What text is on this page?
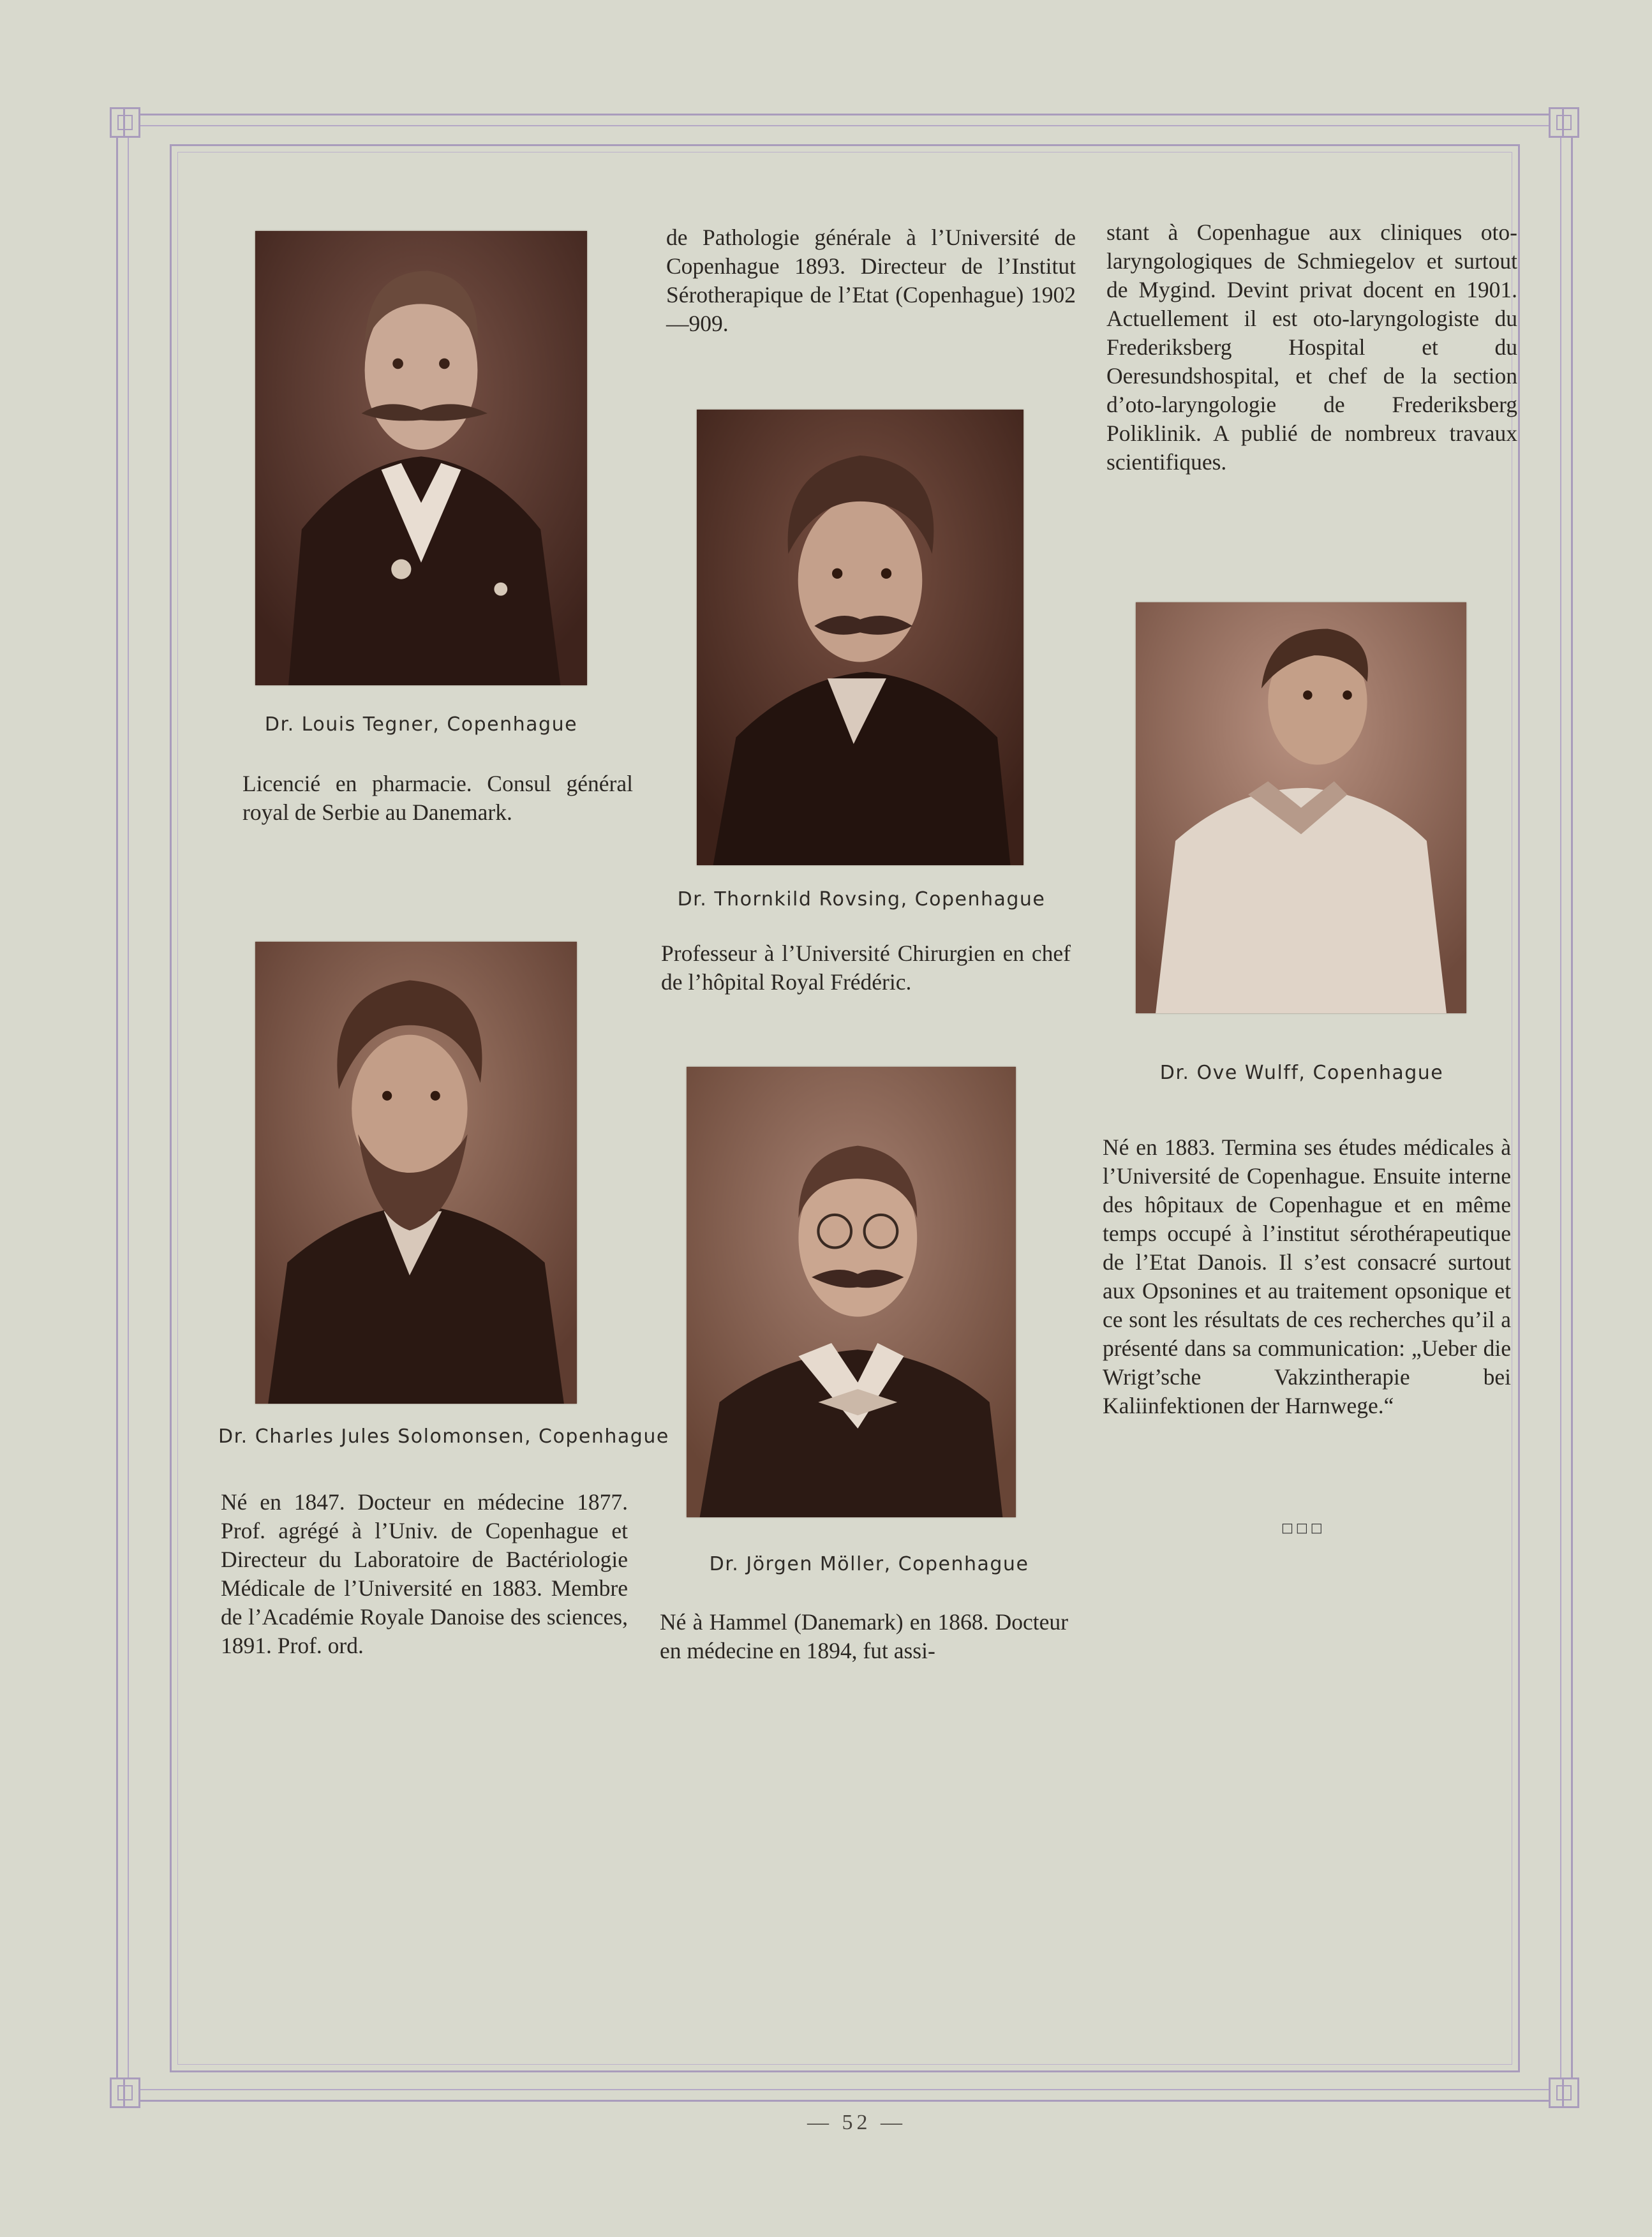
Dr. Louis Tegner, Copenhague

Licencié en pharmacie. Consul général royal de Serbie au Danemark.

de Pathologie générale à l’Université de Copenhague 1893. Directeur de l’Institut Sérotherapique de l’Etat (Copenhague) 1902—909.

Dr. Thornkild Rovsing, Copenhague

Professeur à l’Université Chirurgien en chef de l’hôpital Royal Frédéric.

stant à Copenhague aux cliniques oto-laryngologiques de Schmiegelov et surtout de Mygind. Devint privat docent en 1901. Actuellement il est oto-laryngologiste du Frederiksberg Hospital et du Oeresundshospital, et chef de la section d’oto-laryngologie de Frederiksberg Poliklinik. A publié de nombreux travaux scientifiques.

Dr. Ove Wulff, Copenhague

Né en 1883. Termina ses études médicales à l’Université de Copenhague. Ensuite interne des hôpitaux de Copenhague et en même temps occupé à l’institut sérothérapeutique de l’Etat Danois. Il s’est consacré surtout aux Opsonines et au traitement opsonique et ce sont les résultats de ces recherches qu’il a présenté dans sa communication: „Ueber die Wrigt’sche Vakzintherapie bei Kaliinfektionen der Harnwege.“

□□□
Dr. Charles Jules Solomonsen, Copenhague

Né en 1847. Docteur en médecine 1877. Prof. agrégé à l’Univ. de Copenhague et Directeur du Laboratoire de Bactériologie Médicale de l’Université en 1883. Membre de l’Académie Royale Danoise des sciences, 1891. Prof. ord.

Dr. Jörgen Möller, Copenhague

Né à Hammel (Danemark) en 1868. Docteur en médecine en 1894, fut assi-

— 52 —
